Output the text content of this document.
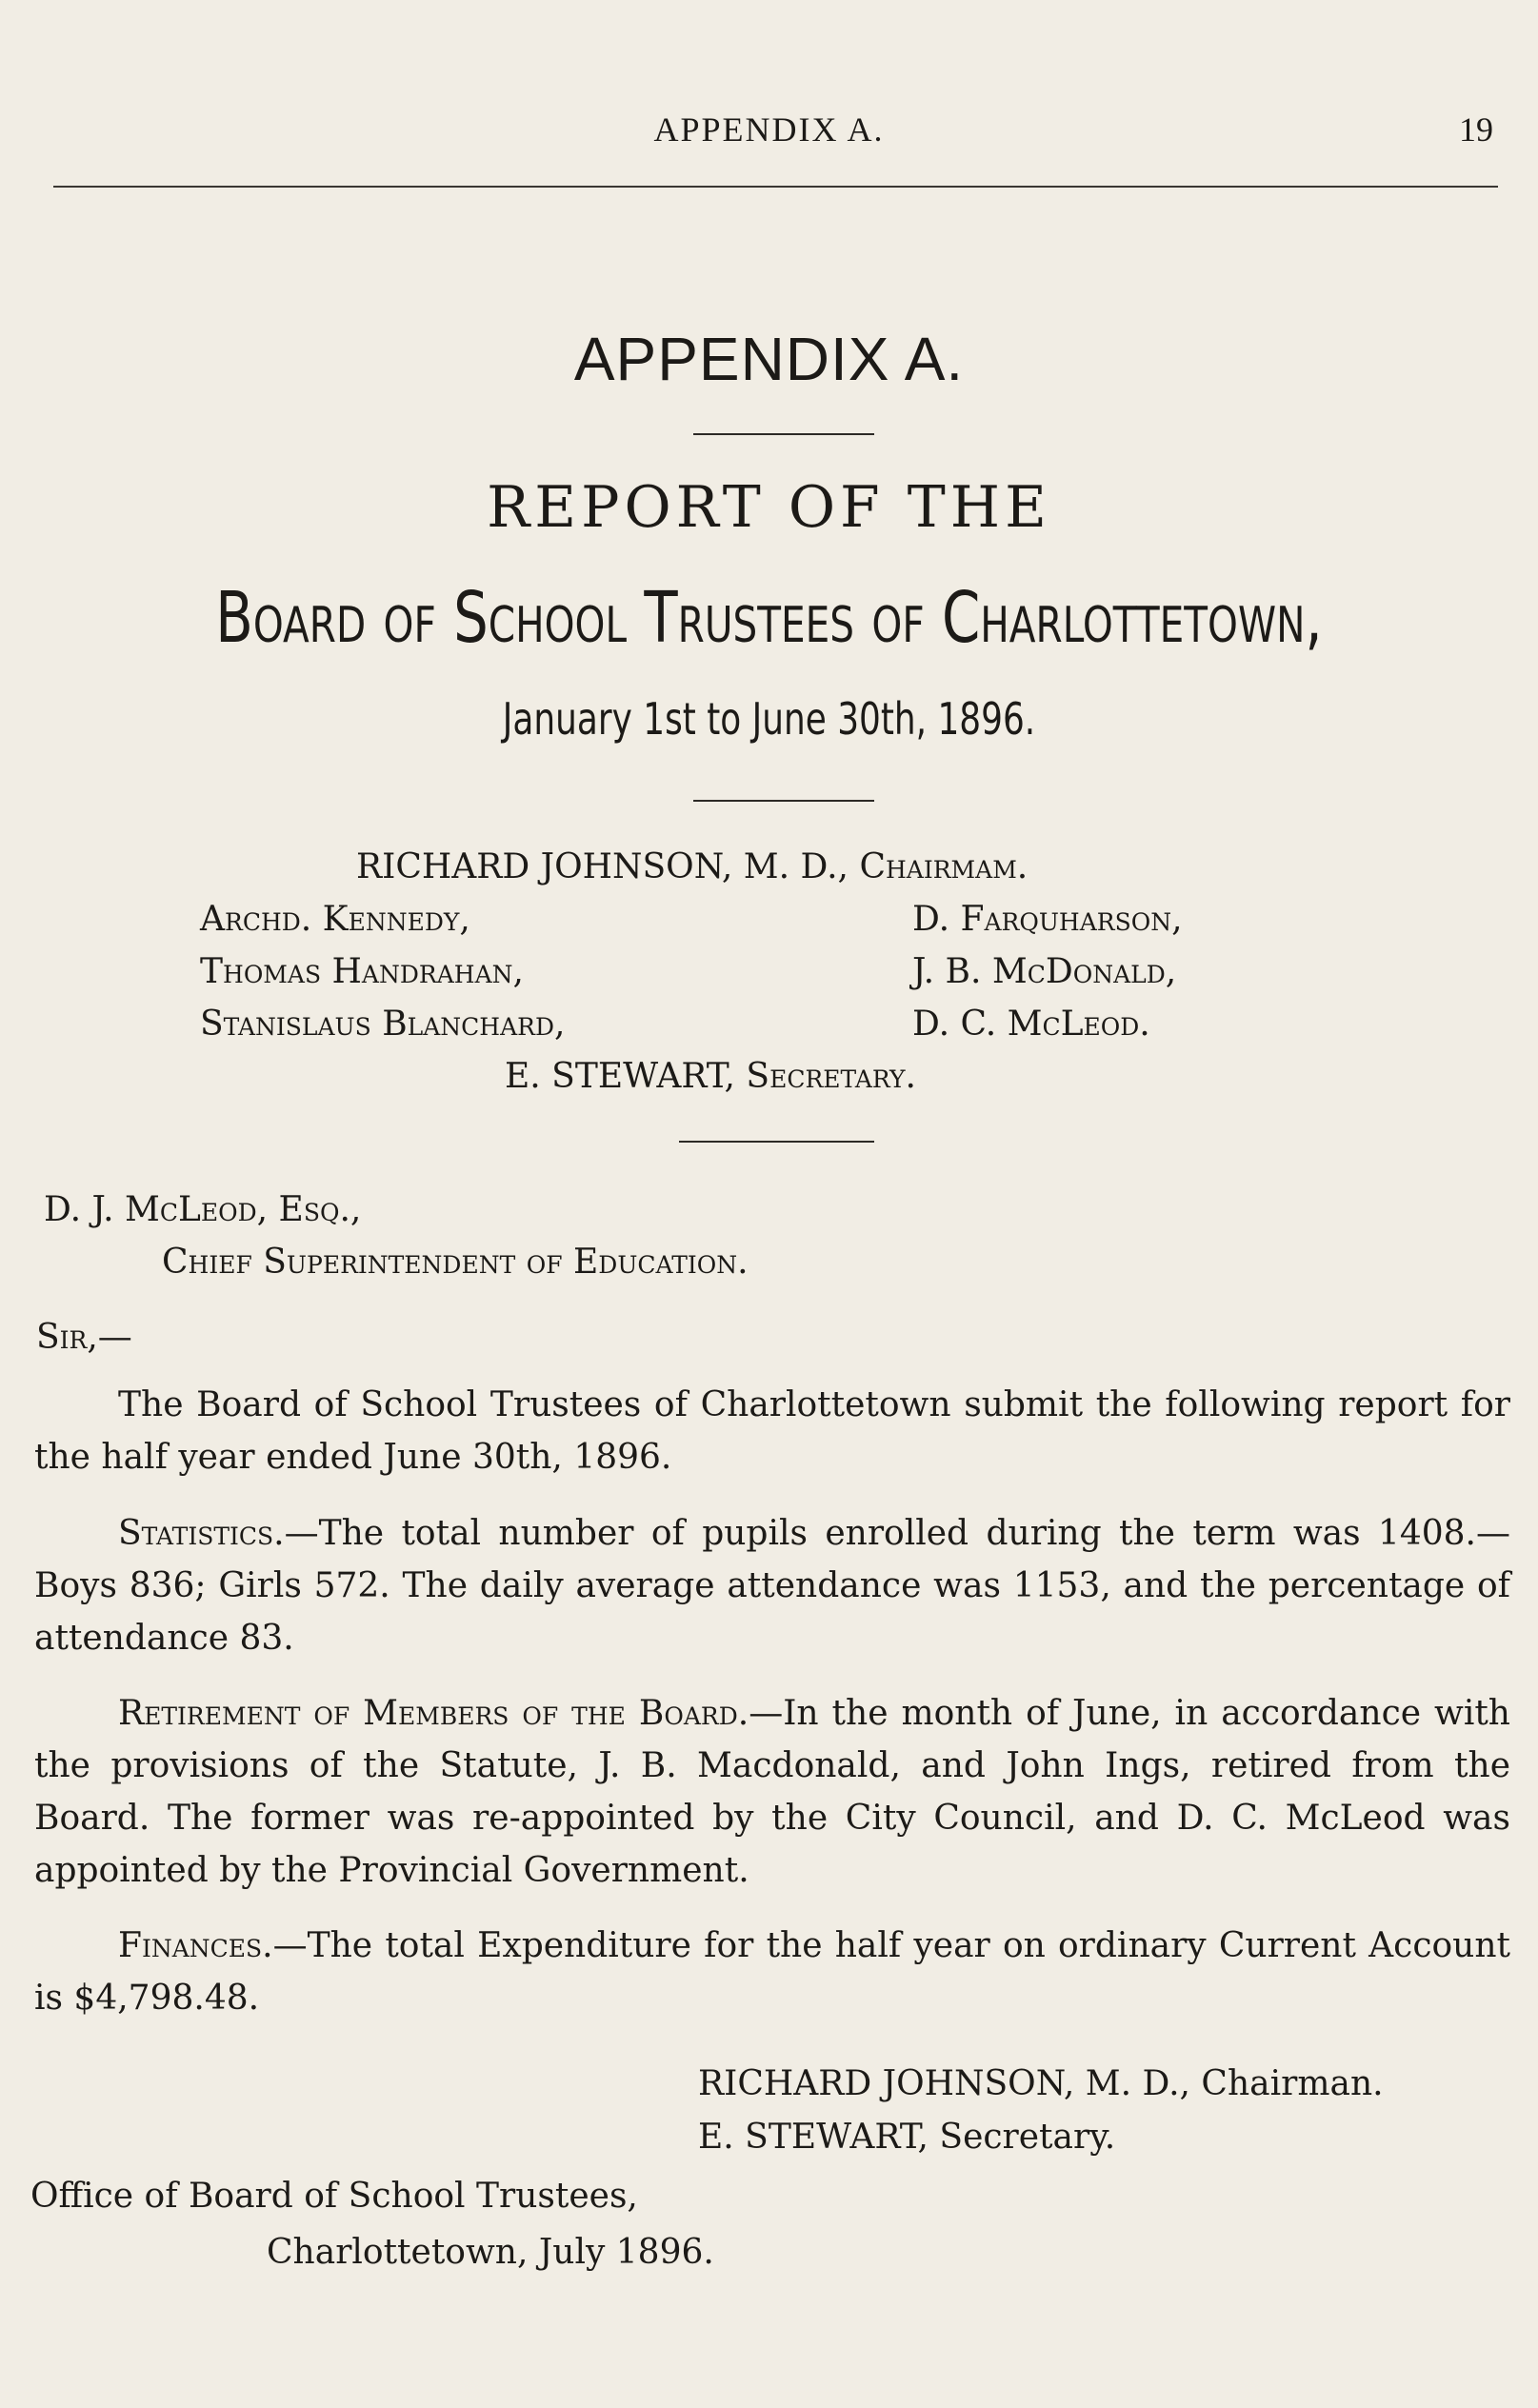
APPENDIX A.	19

APPENDIX A.

REPORT OF THE

Board of School Trustees of Charlottetown,

January 1st to June 30th, 1896.

RICHARD JOHNSON, M. D., Chairmam.

Archd. Kennedy,

Thomas Handrahan,

Stanislaus Blanchard,

D. Farquharson,

J. B. McDonald,

D. C. McLeod.

E. STEWART, Secretary.

D. J. McLeod, Esq.,

Chief Superintendent of Education.

Sir,—

The Board of School Trustees of Charlottetown submit the following report for the half year ended June 30th, 1896.

Statistics.—The total number of pupils enrolled during the term was 1408.—Boys 836; Girls 572. The daily average attendance was 1153, and the percentage of attendance 83.

Retirement of Members of the Board.—In the month of June, in accordance with the provisions of the Statute, J. B. Macdonald, and John Ings, retired from the Board. The former was re-appointed by the City Council, and D. C. McLeod was appointed by the Provincial Government.

Finances.—The total Expenditure for the half year on ordinary Current Account is $4,798.48.

RICHARD JOHNSON, M. D., Chairman.

E. STEWART, Secretary.

Office of Board of School Trustees,

Charlottetown, July 1896.
